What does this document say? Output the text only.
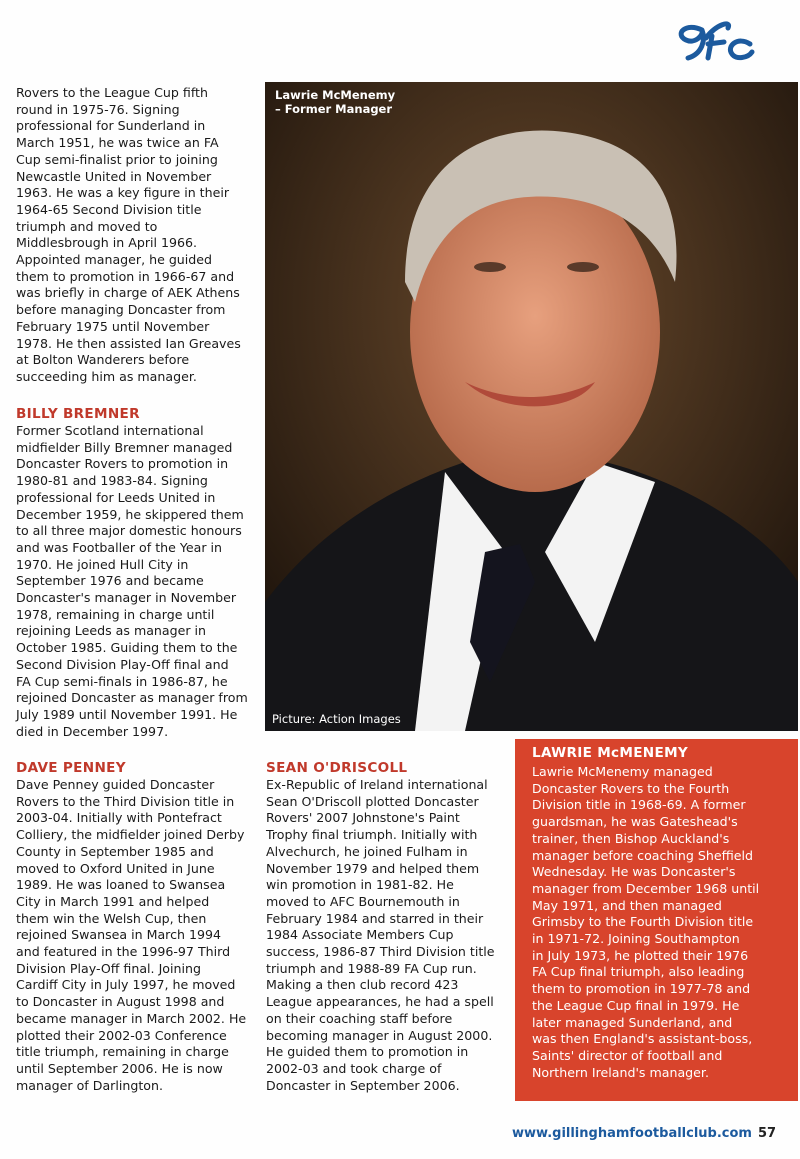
Rovers to the League Cup fifth
round in 1975-76. Signing
professional for Sunderland in
March 1951, he was twice an FA
Cup semi-finalist prior to joining
Newcastle United in November
1963. He was a key figure in their
1964-65 Second Division title
triumph and moved to
Middlesbrough in April 1966.
Appointed manager, he guided
them to promotion in 1966-67 and
was briefly in charge of AEK Athens
before managing Doncaster from
February 1975 until November
1978. He then assisted Ian Greaves
at Bolton Wanderers before
succeeding him as manager.

BILLY BREMNER

Former Scotland international
midfielder Billy Bremner managed
Doncaster Rovers to promotion in
1980-81 and 1983-84. Signing
professional for Leeds United in
December 1959, he skippered them
to all three major domestic honours
and was Footballer of the Year in
1970. He joined Hull City in
September 1976 and became
Doncaster's manager in November
1978, remaining in charge until
rejoining Leeds as manager in
October 1985. Guiding them to the
Second Division Play-Off final and
FA Cup semi-finals in 1986-87, he
rejoined Doncaster as manager from
July 1989 until November 1991. He
died in December 1997.

Lawrie McMenemy
– Former Manager
Picture: Action Images
DAVE PENNEY

Dave Penney guided Doncaster
Rovers to the Third Division title in
2003-04. Initially with Pontefract
Colliery, the midfielder joined Derby
County in September 1985 and
moved to Oxford United in June
1989. He was loaned to Swansea
City in March 1991 and helped
them win the Welsh Cup, then
rejoined Swansea in March 1994
and featured in the 1996-97 Third
Division Play-Off final. Joining
Cardiff City in July 1997, he moved
to Doncaster in August 1998 and
became manager in March 2002. He
plotted their 2002-03 Conference
title triumph, remaining in charge
until September 2006. He is now
manager of Darlington.

SEAN O'DRISCOLL

Ex-Republic of Ireland international
Sean O'Driscoll plotted Doncaster
Rovers' 2007 Johnstone's Paint
Trophy final triumph. Initially with
Alvechurch, he joined Fulham in
November 1979 and helped them
win promotion in 1981-82. He
moved to AFC Bournemouth in
February 1984 and starred in their
1984 Associate Members Cup
success, 1986-87 Third Division title
triumph and 1988-89 FA Cup run.
Making a then club record 423
League appearances, he had a spell
on their coaching staff before
becoming manager in August 2000.
He guided them to promotion in
2002-03 and took charge of
Doncaster in September 2006.

LAWRIE McMENEMY

Lawrie McMenemy managed
Doncaster Rovers to the Fourth
Division title in 1968-69. A former
guardsman, he was Gateshead's
trainer, then Bishop Auckland's
manager before coaching Sheffield
Wednesday. He was Doncaster's
manager from December 1968 until
May 1971, and then managed
Grimsby to the Fourth Division title
in 1971-72. Joining Southampton
in July 1973, he plotted their 1976
FA Cup final triumph, also leading
them to promotion in 1977-78 and
the League Cup final in 1979. He
later managed Sunderland, and
was then England's assistant-boss,
Saints' director of football and
Northern Ireland's manager.

www.gillinghamfootballclub.com 57
